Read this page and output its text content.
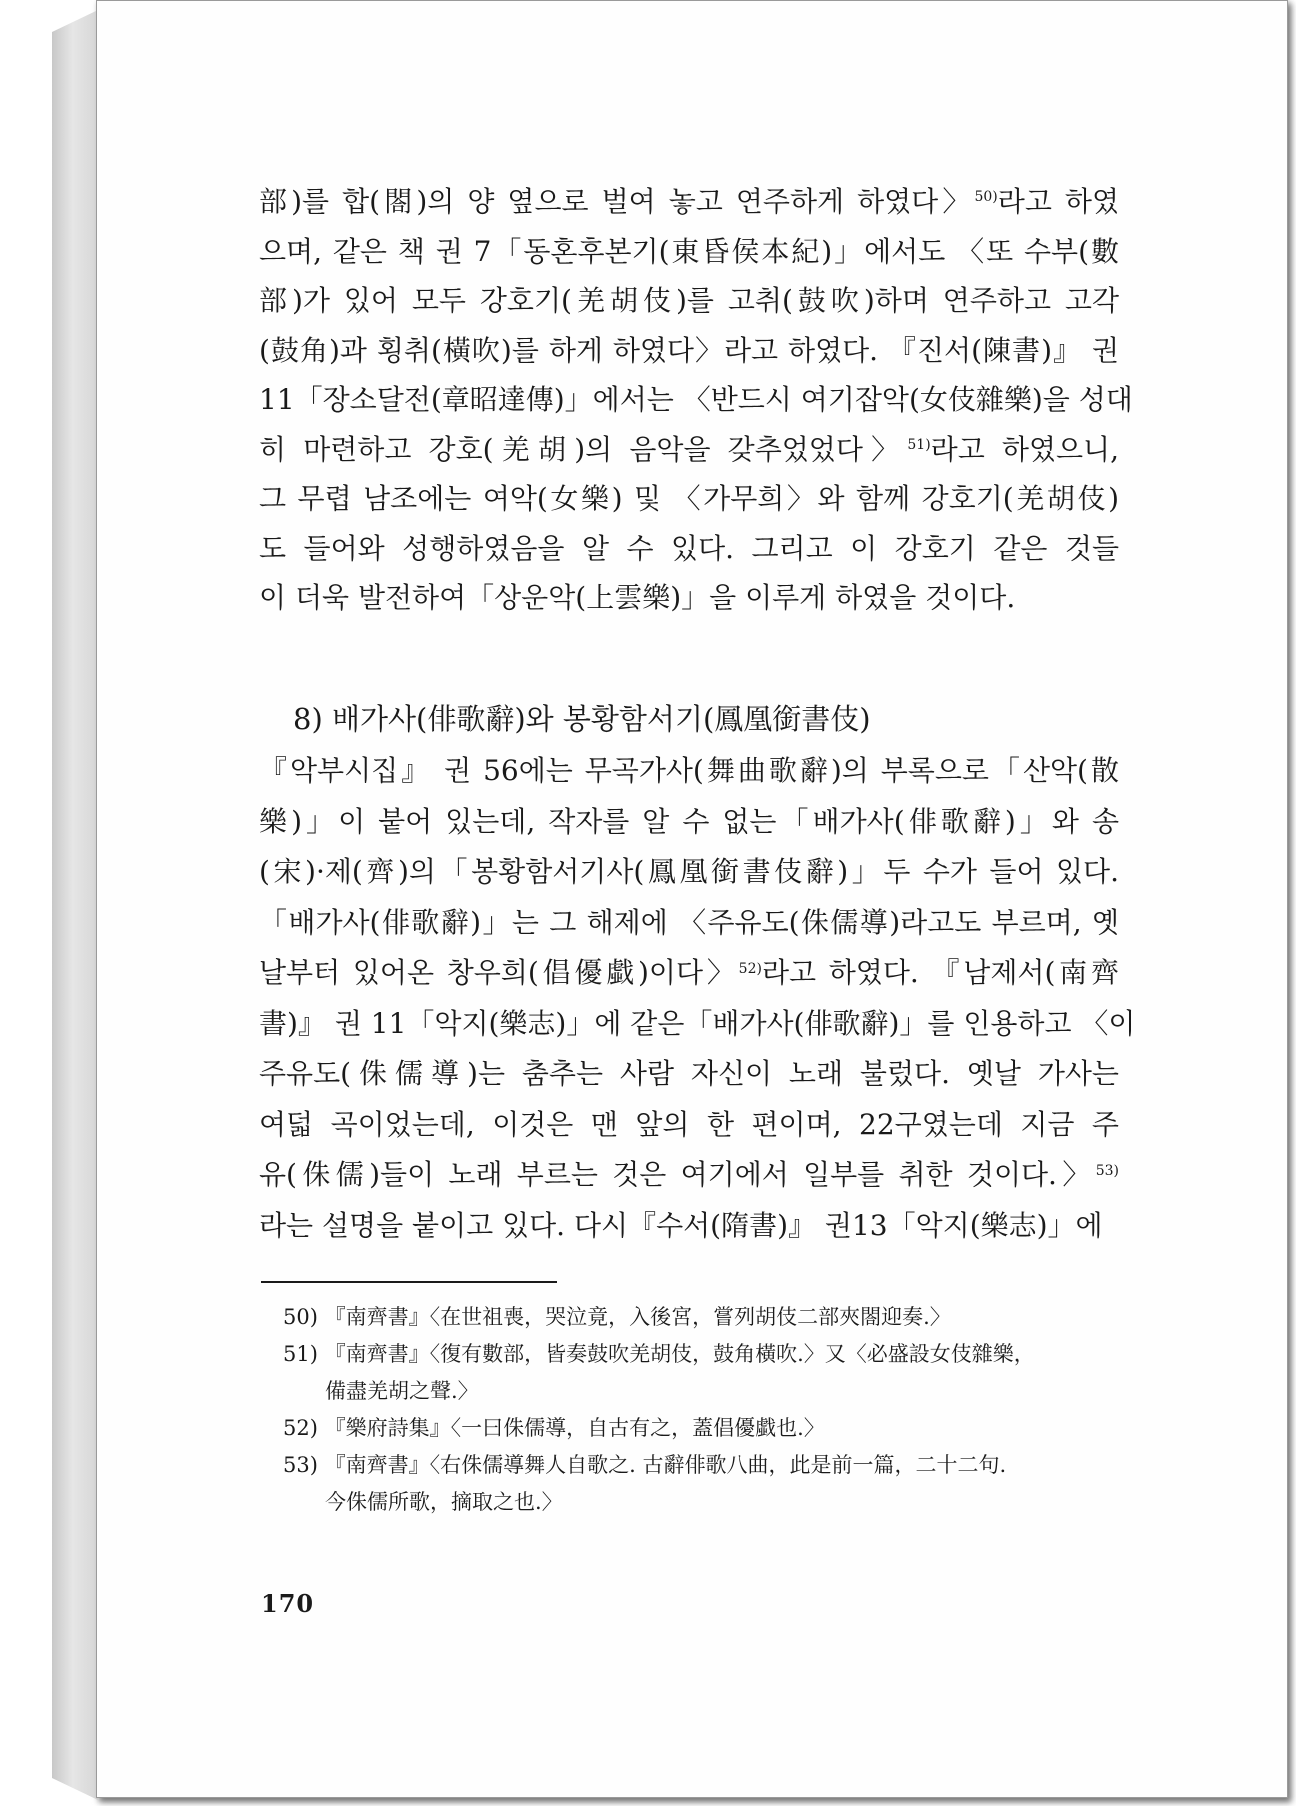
部)를 합(閤)의 양 옆으로 벌여 놓고 연주하게 하였다〉$^{50)}$라고 하였
으며, 같은 책 권 7「동혼후본기(東昏侯本紀)」에서도 〈또 수부(數
部)가 있어 모두 강호기(羌胡伎)를 고취(鼓吹)하며 연주하고 고각
(鼓角)과 횡취(橫吹)를 하게 하였다〉라고 하였다. 『진서(陳書)』 권
11「장소달전(章昭達傳)」에서는 〈반드시 여기잡악(女伎雜樂)을 성대
히 마련하고 강호(羌胡)의 음악을 갖추었었다〉$^{51)}$라고 하였으니,
그 무렵 남조에는 여악(女樂) 및 〈가무희〉와 함께 강호기(羌胡伎)
도 들어와 성행하였음을 알 수 있다. 그리고 이 강호기 같은 것들
이 더욱 발전하여「상운악(上雲樂)」을 이루게 하였을 것이다.
8) 배가사(俳歌辭)와 봉황함서기(鳳凰銜書伎)
『악부시집』 권 56에는 무곡가사(舞曲歌辭)의 부록으로「산악(散
樂)」이 붙어 있는데, 작자를 알 수 없는「배가사(俳歌辭)」와 송
(宋)·제(齊)의「봉황함서기사(鳳凰銜書伎辭)」두 수가 들어 있다.
「배가사(俳歌辭)」는 그 해제에 〈주유도(侏儒導)라고도 부르며, 옛
날부터 있어온 창우희(倡優戱)이다〉$^{52)}$라고 하였다. 『남제서(南齊
書)』 권 11「악지(樂志)」에 같은「배가사(俳歌辭)」를 인용하고 〈이
주유도(侏儒導)는 춤추는 사람 자신이 노래 불렀다. 옛날 가사는
여덟 곡이었는데, 이것은 맨 앞의 한 편이며, 22구였는데 지금 주
유(侏儒)들이 노래 부르는 것은 여기에서 일부를 취한 것이다.〉$^{53)}$
라는 설명을 붙이고 있다. 다시『수서(隋書)』 권13「악지(樂志)」에
50) 『南齊書』〈在世祖喪，哭泣竟，入後宮，嘗列胡伎二部夾閤迎奏.〉
51) 『南齊書』〈復有數部，皆奏鼓吹羌胡伎，鼓角橫吹.〉又〈必盛設女伎雜樂，
備盡羌胡之聲.〉
52) 『樂府詩集』〈一曰侏儒導，自古有之，蓋倡優戱也.〉
53) 『南齊書』〈右侏儒導舞人自歌之. 古辭俳歌八曲，此是前一篇，二十二句.
今侏儒所歌，摘取之也.〉
170
